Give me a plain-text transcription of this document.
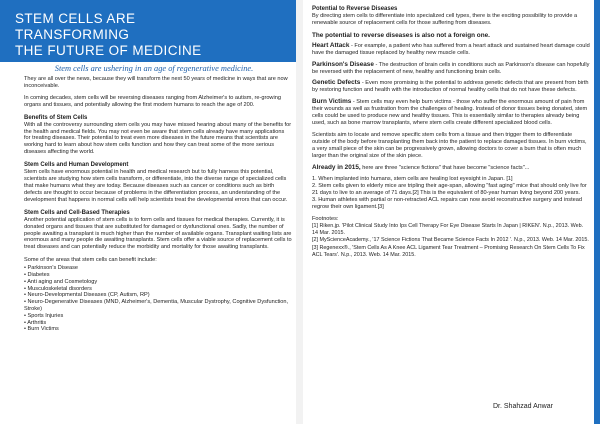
STEM CELLS ARE
TRANSFORMING
THE FUTURE OF MEDICINE
Stem cells are ushering in an age of regenerative medicine.

They are all over the news, because they will transform the next 50 years of medicine in ways that are now inconceivable.

In coming decades, stem cells will be reversing diseases ranging from Alzheimer's to autism, re-growing organs and tissues, and potentially allowing the first modern humans to reach the age of 200.

Benefits of Stem Cells

With all the controversy surrounding stem cells you may have missed hearing about many of the benefits for the health and medical fields. You may not even be aware that stem cells already have many applications for treating diseases. Their potential to treat even more diseases in the future means that scientists are working hard to learn about how stem cells function and how they can treat some of the more serious diseases affecting the world.

Stem Cells and Human Development

Stem cells have enormous potential in health and medical research but to fully harness this potential, scientists are studying how stem cells transform, or differentiate, into the diverse range of specialized cells that make humans what they are today. Because diseases such as cancer or conditions such as birth defects are thought to occur because of problems in the differentiation process, an understanding of the development that happens in normal cells will help scientists treat the developmental errors that can occur.

Stem Cells and Cell-Based Therapies

Another potential application of stem cells is to form cells and tissues for medical therapies. Currently, it is donated organs and tissues that are substituted for damaged or dysfunctional ones. Sadly, the number of people awaiting a transplant is much higher than the number of available organs. Transplant waiting lists are enormous and many people die awaiting transplants. Stem cells offer a viable source of replacement cells to treat diseases and can potentially reduce the morbidity and mortality for those awaiting transplants.

Some of the areas that stem cells can benefit include:

• Parkinson's Disease
• Diabetes
• Anti aging and Cosmetology
• Musculoskeletal disorders
• Neuro-Developmental Diseases (CP, Autism, RP)
• Neuro-Degenerative Diseases (MND, Alzheimer's, Dementia, Muscular Dystrophy, Cognitive Dysfunction, Stroke)
• Sports Injuries
• Arthritis
• Burn Victims
Potential to Reverse Diseases

By directing stem cells to differentiate into specialized cell types, there is the exciting possibility to provide a renewable source of replacement cells for those suffering from diseases.

The potential to reverse diseases is also not a foreign one.

Heart Attack - For example, a patient who has suffered from a heart attack and sustained heart damage could have the damaged tissue replaced by healthy new muscle cells.

Parkinson's Disease - The destruction of brain cells in conditions such as Parkinson's disease can hopefully be reversed with the replacement of new, healthy and functioning brain cells.

Genetic Defects - Even more promising is the potential to address genetic defects that are present from birth by restoring function and health with the introduction of normal healthy cells that do not have these defects.

Burn Victims - Stem cells may even help burn victims - those who suffer the enormous amount of pain from their wounds as well as frustration from the challenges of healing. Instead of donor tissues being donated, stem cells could be used to produce new and healthy tissues. This is essentially similar to therapies already being used, such as bone marrow transplants, where stem cells create different specialized blood cells.

Scientists aim to locate and remove specific stem cells from a tissue and then trigger them to differentiate outside of the body before transplanting them back into the patient to replace damaged tissues. In burn victims, a very small piece of the skin can be progressively grown, allowing doctors to cover a burn that is often much larger than the original size of the skin piece.

Already in 2015, here are three "science fictions" that have become "science facts"...

1. When implanted into humans, stem cells are healing lost eyesight in Japan. [1]
2. Stem cells given to elderly mice are tripling their age-span, allowing "fast aging" mice that should only live for 21 days to live to an average of 71 days.[2] This is the equivalent of 80-year human living beyond 200 years.
3. Human athletes with partial or non-retracted ACL repairs can now avoid reconstructive surgery and instead regrow their own ligament.[3]

Footnotes:

[1] Riken.jp. 'Pilot Clinical Study Into Ips Cell Therapy For Eye Disease Starts In Japan | RIKEN'. N.p., 2013. Web. 14 Mar. 2015.

[2] MyScienceAcademy., '17 Science Fictions That Became Science Facts In 2012 '. N.p., 2013. Web. 14 Mar. 2015.

[3] Regenexx®., 'Stem Cells As A Knee ACL Ligament Tear Treatment – Promising Research On Stem Cells To Fix ACL Tears'. N.p., 2013. Web. 14 Mar. 2015.

Dr. Shahzad Anwar
